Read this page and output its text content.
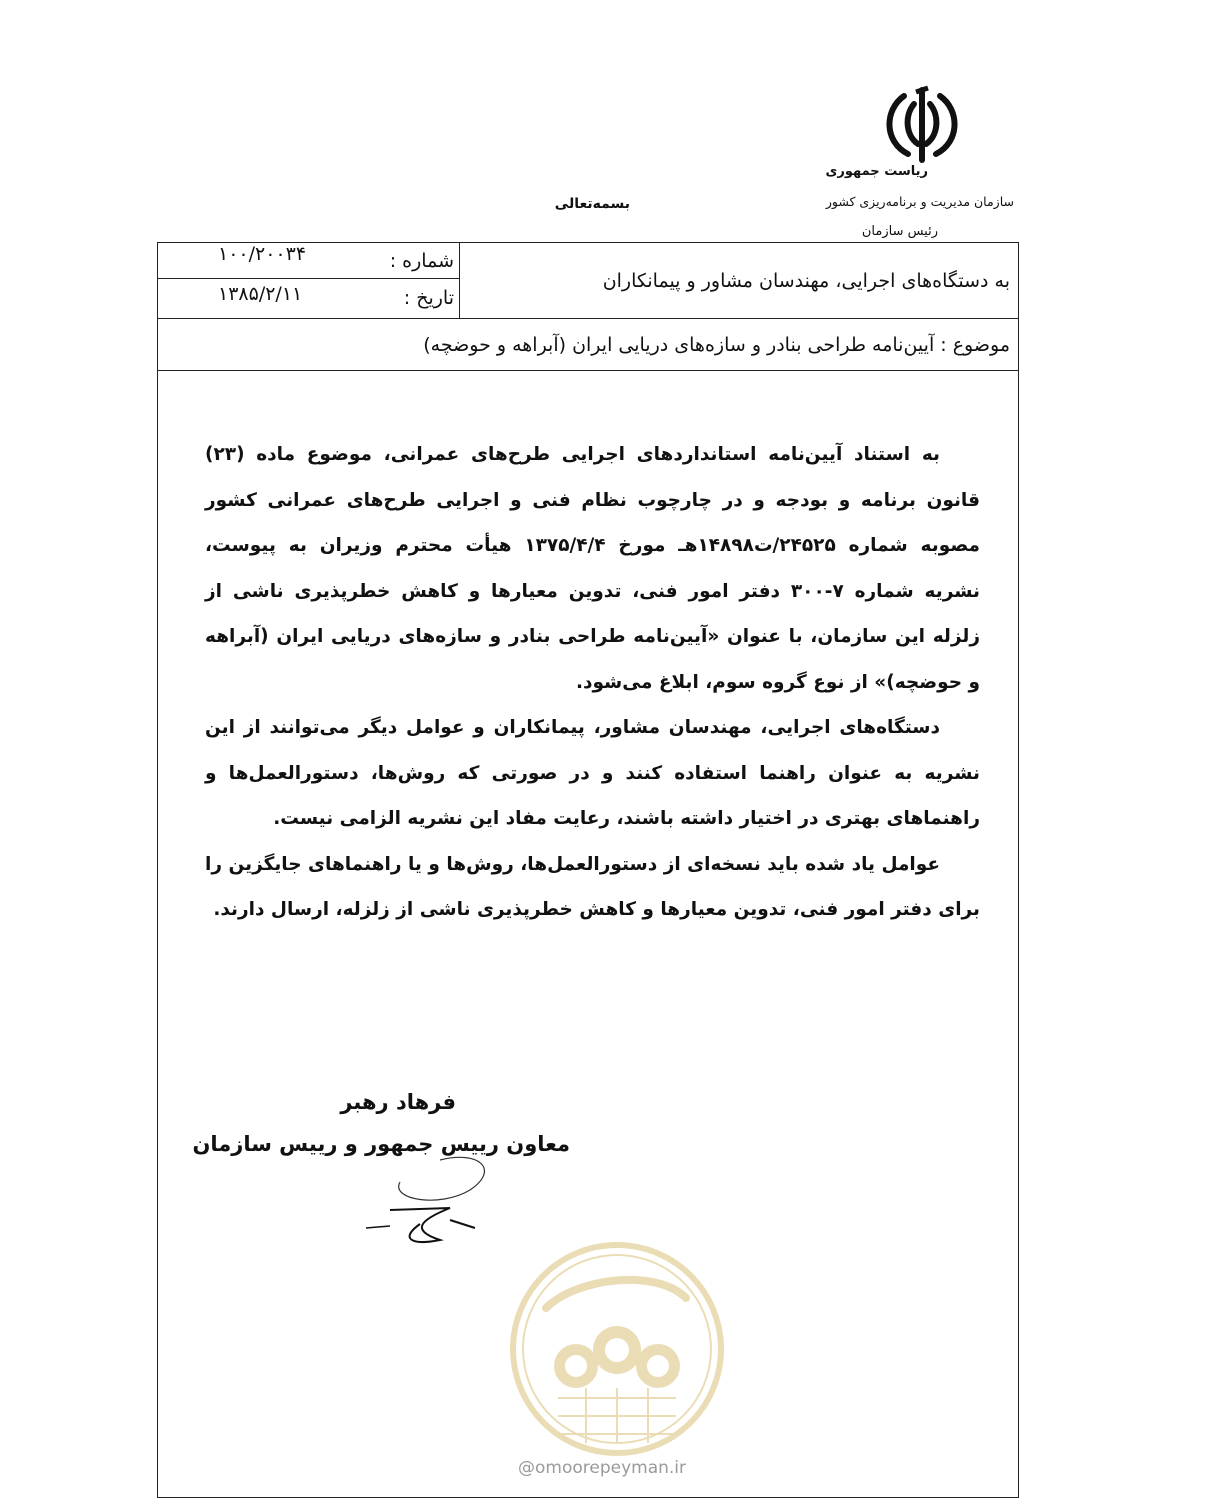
ریاست جمهوری
سازمان مدیریت و برنامه‌ریزی کشور
رئیس سازمان
بسمه‌تعالی
شماره :
۱۰۰/۲۰۰۳۴
تاریخ :
۱۳۸۵/۲/۱۱
به دستگاه‌های اجرایی، مهندسان مشاور و پیمانکاران
موضوع : آیین‌نامه طراحی بنادر و سازه‌های دریایی ایران (آبراهه و حوضچه)

به استناد آیین‌نامه استانداردهای اجرایی طرح‌های عمرانی، موضوع ماده (۲۳) قانون برنامه و بودجه و در چارچوب نظام فنی و اجرایی طرح‌های عمرانی کشور مصوبه شماره ۲۴۵۲۵/ت۱۴۸۹۸هـ مورخ ۱۳۷۵/۴/۴ هیأت محترم وزیران به پیوست، نشریه شماره ۷-۳۰۰ دفتر امور فنی، تدوین معیارها و کاهش خطرپذیری ناشی از زلزله این سازمان، با عنوان «آیین‌نامه طراحی بنادر و سازه‌های دریایی ایران (آبراهه و حوضچه)» از نوع گروه سوم، ابلاغ می‌شود.

دستگاه‌های اجرایی، مهندسان مشاور، پیمانکاران و عوامل دیگر می‌توانند از این نشریه به عنوان راهنما استفاده کنند و در صورتی که روش‌ها، دستورالعمل‌ها و راهنماهای بهتری در اختیار داشته باشند، رعایت مفاد این نشریه الزامی نیست.

عوامل یاد شده باید نسخه‌ای از دستورالعمل‌ها، روش‌ها و یا راهنماهای جایگزین را برای دفتر امور فنی، تدوین معیارها و کاهش خطرپذیری ناشی از زلزله، ارسال دارند.

فرهاد رهبر
معاون رییس جمهور و رییس سازمان
@omoorepeyman.ir
